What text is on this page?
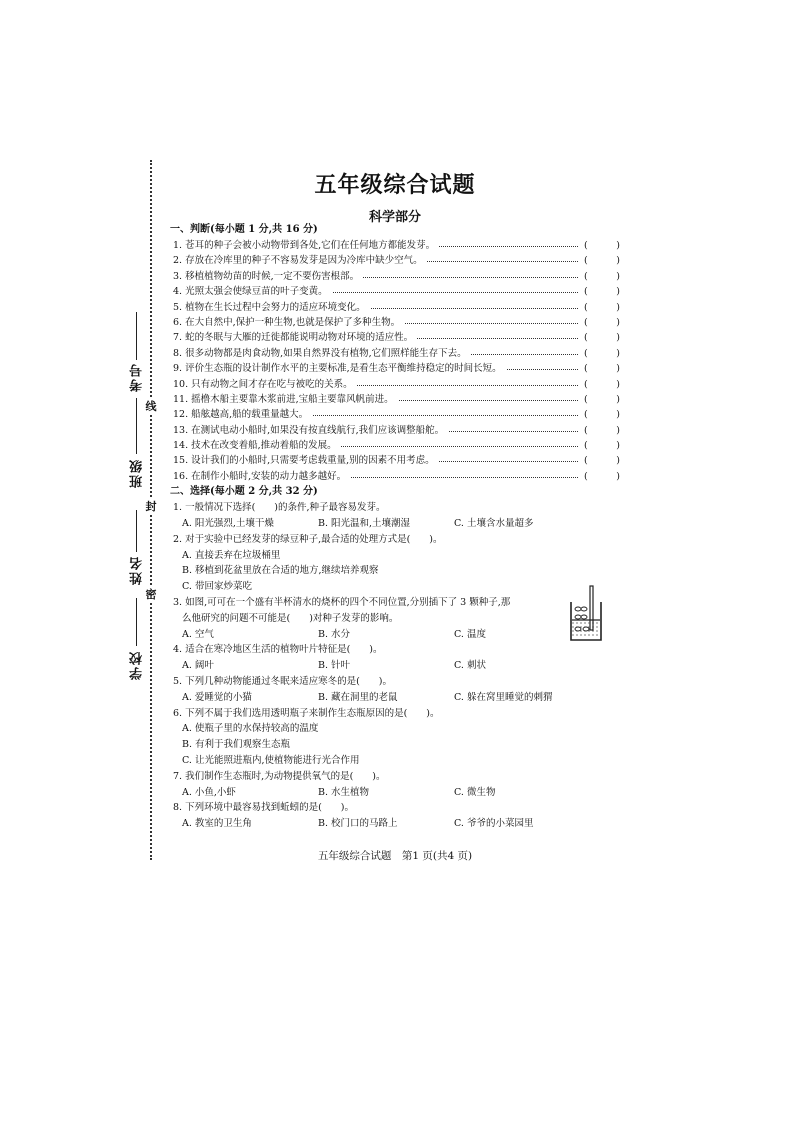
线
封
密
考号
班级
姓名
学校
五年级综合试题
科学部分
一、判断(每小题 1 分,共 16 分)
1. 苍耳的种子会被小动物带到各处,它们在任何地方都能发芽。	(	)
2. 存放在冷库里的种子不容易发芽是因为冷库中缺少空气。	(	)
3. 移植植物幼苗的时候,一定不要伤害根部。	(	)
4. 光照太强会使绿豆苗的叶子变黄。	(	)
5. 植物在生长过程中会努力的适应环境变化。	(	)
6. 在大自然中,保护一种生物,也就是保护了多种生物。	(	)
7. 蛇的冬眠与大雁的迁徙都能说明动物对环境的适应性。	(	)
8. 很多动物都是肉食动物,如果自然界没有植物,它们照样能生存下去。	(	)
9. 评价生态瓶的设计制作水平的主要标准,是看生态平衡维持稳定的时间长短。	(	)
10. 只有动物之间才存在吃与被吃的关系。	(	)
11. 摇橹木船主要靠木浆前进,宝船主要靠风帆前进。	(	)
12. 船舷越高,船的载重量越大。	(	)
13. 在测试电动小船时,如果没有按直线航行,我们应该调整船舵。	(	)
14. 技术在改变着船,推动着船的发展。	(	)
15. 设计我们的小船时,只需要考虑载重量,别的因素不用考虑。	(	)
16. 在制作小船时,安装的动力越多越好。	(	)
二、选择(每小题 2 分,共 32 分)
1. 一般情况下选择(　　)的条件,种子最容易发芽。
A. 阳光强烈,土壤干燥	B. 阳光温和,土壤潮湿	C. 土壤含水量超多
2. 对于实验中已经发芽的绿豆种子,最合适的处理方式是(　　)。
A. 直接丢弃在垃圾桶里
B. 移植到花盆里放在合适的地方,继续培养观察
C. 带回家炒菜吃
3. 如图,可可在一个盛有半杯清水的烧杯的四个不同位置,分别插下了 3 颗种子,那
么他研究的问题不可能是(　　)对种子发芽的影响。
A. 空气	B. 水分	C. 温度
4. 适合在寒冷地区生活的植物叶片特征是(　　)。
A. 阔叶	B. 针叶	C. 刺状
5. 下列几种动物能通过冬眠来适应寒冬的是(　　)。
A. 爱睡觉的小猫	B. 藏在洞里的老鼠	C. 躲在窝里睡觉的刺猬
6. 下列不属于我们选用透明瓶子来制作生态瓶原因的是(　　)。
A. 使瓶子里的水保持较高的温度
B. 有利于我们观察生态瓶
C. 让光能照进瓶内,使植物能进行光合作用
7. 我们制作生态瓶时,为动物提供氧气的是(　　)。
A. 小鱼,小虾	B. 水生植物	C. 微生物
8. 下列环境中最容易找到蚯蚓的是(　　)。
A. 教室的卫生角	B. 校门口的马路上	C. 爷爷的小菜园里
五年级综合试题　第1 页(共4 页)
